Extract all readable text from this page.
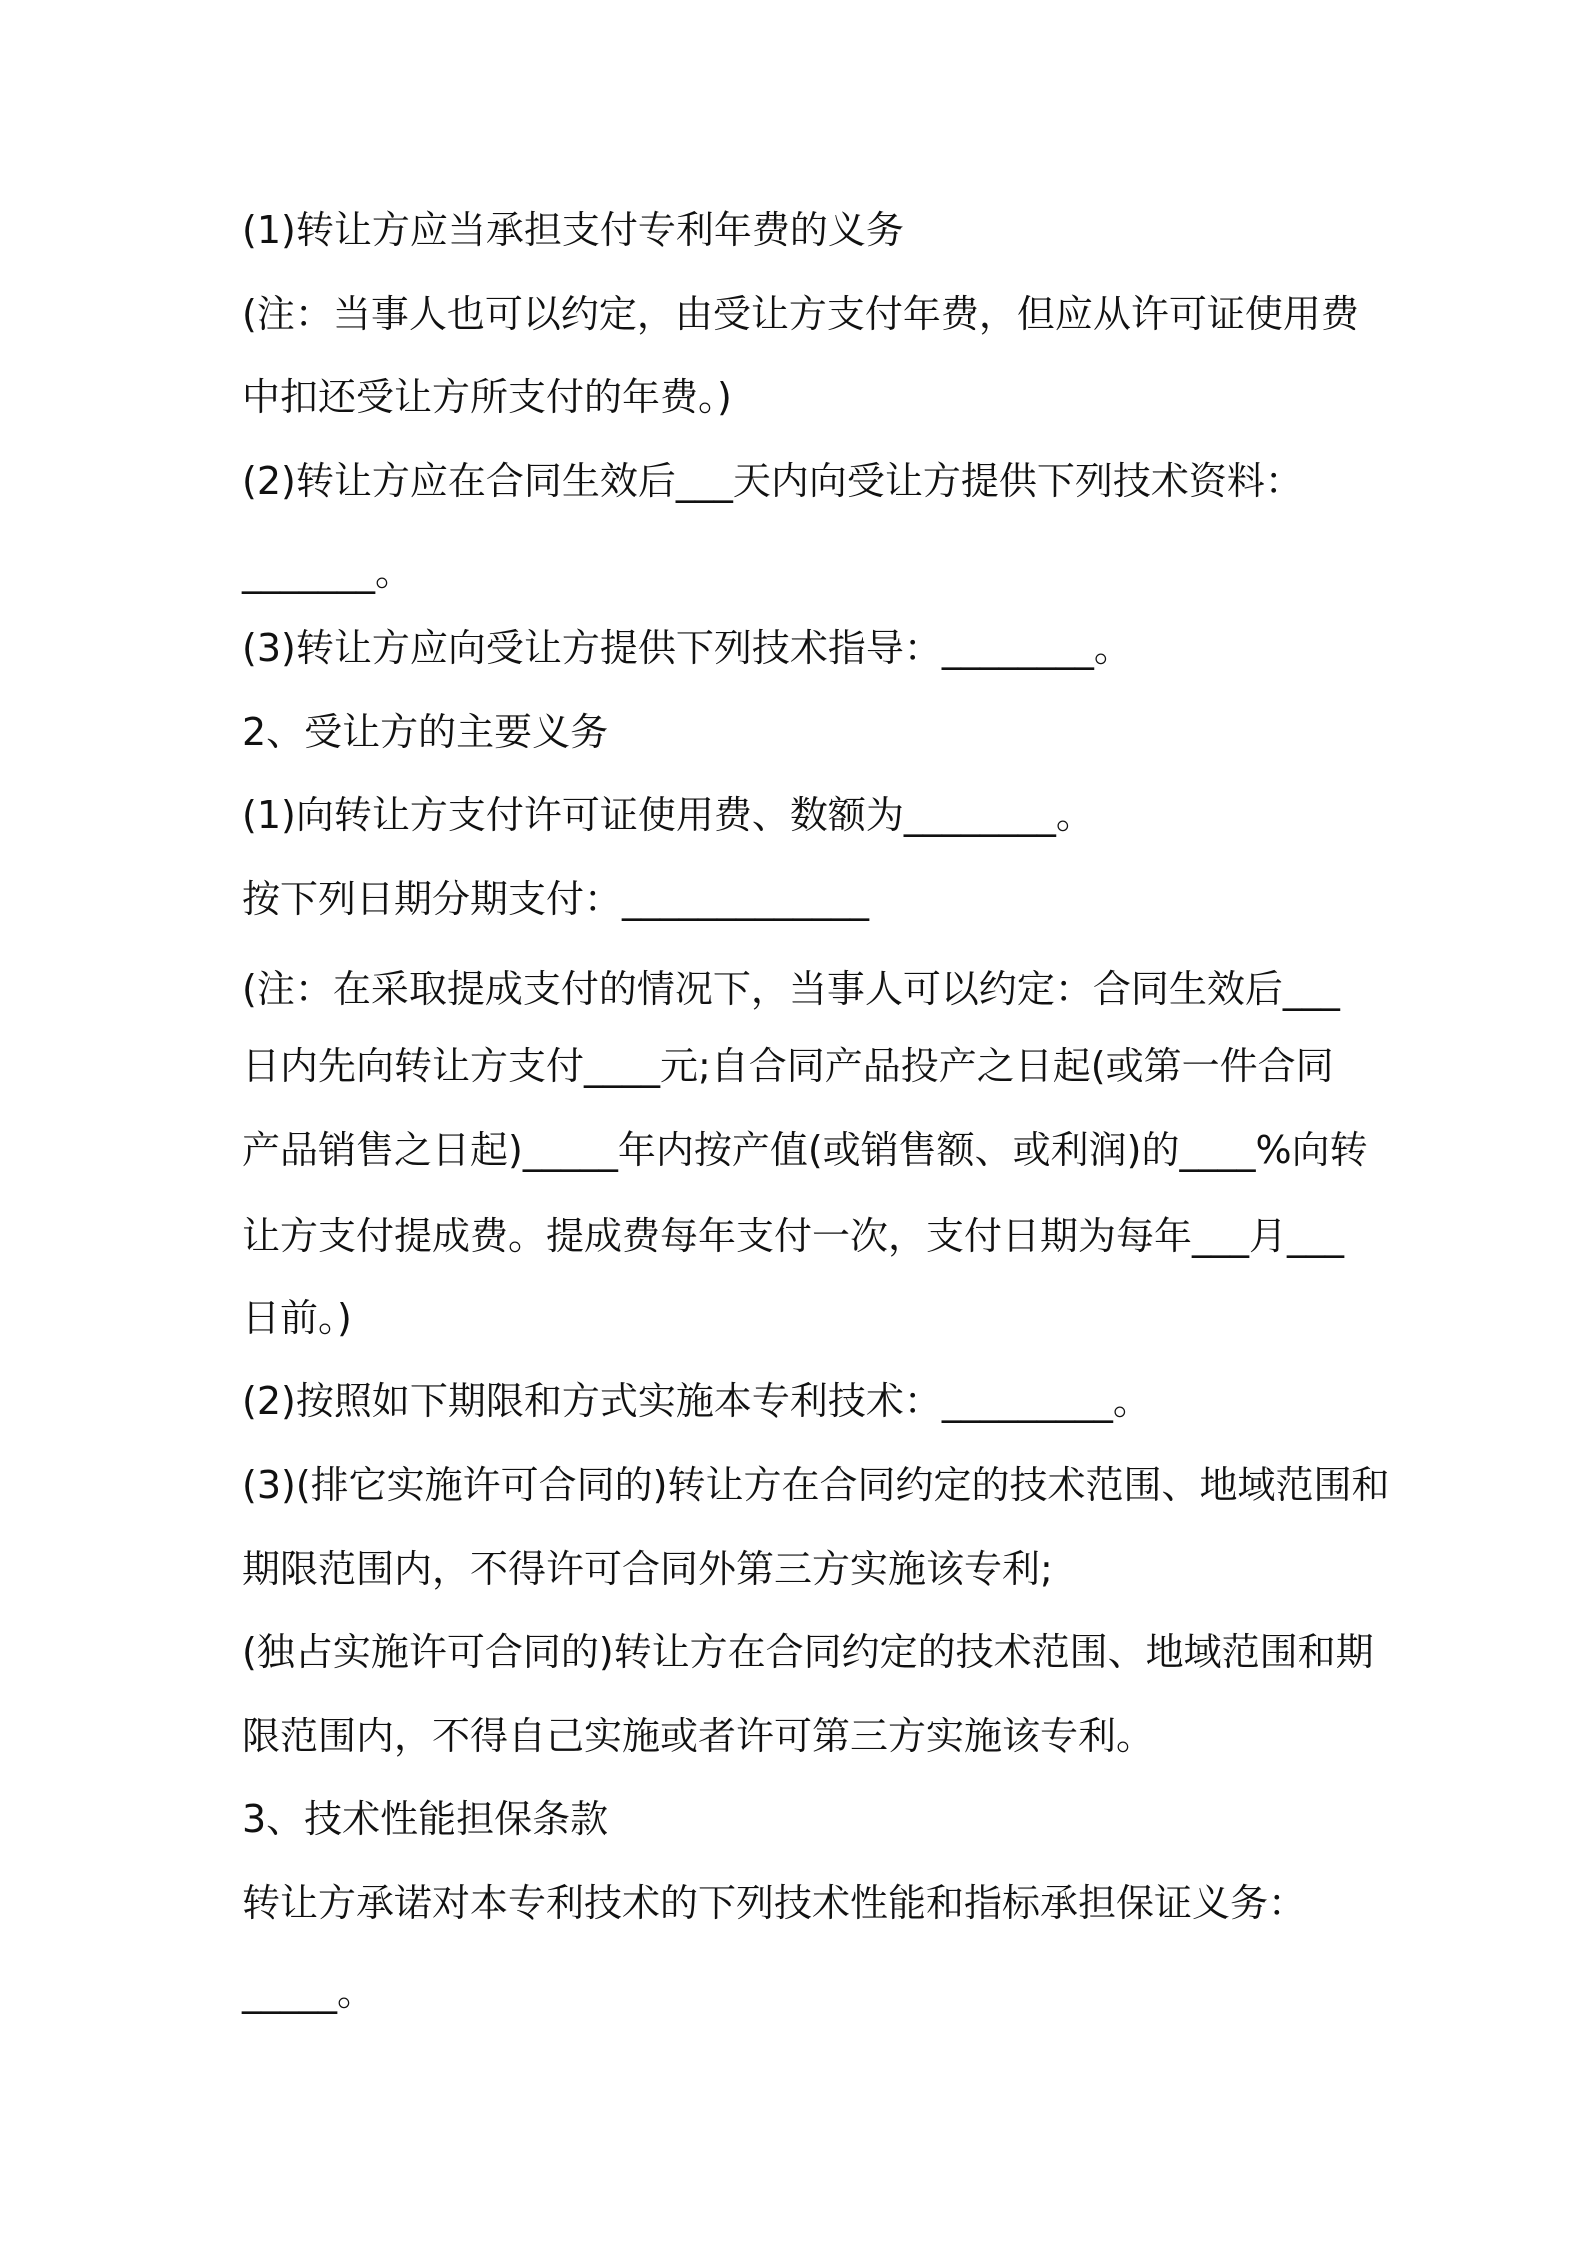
(1)转让方应当承担支付专利年费的义务
(注：当事人也可以约定，由受让方支付年费，但应从许可证使用费
中扣还受让方所支付的年费。)
(2)转让方应在合同生效后___天内向受让方提供下列技术资料：
_______。
(3)转让方应向受让方提供下列技术指导：________。
2、受让方的主要义务
(1)向转让方支付许可证使用费、数额为________。
按下列日期分期支付：_____________
(注：在采取提成支付的情况下，当事人可以约定：合同生效后___
日内先向转让方支付____元;自合同产品投产之日起(或第一件合同
产品销售之日起)_____年内按产值(或销售额、或利润)的____%向转
让方支付提成费。提成费每年支付一次，支付日期为每年___月___
日前。)
(2)按照如下期限和方式实施本专利技术：_________。
(3)(排它实施许可合同的)转让方在合同约定的技术范围、地域范围和
期限范围内，不得许可合同外第三方实施该专利;
(独占实施许可合同的)转让方在合同约定的技术范围、地域范围和期
限范围内，不得自己实施或者许可第三方实施该专利。
3、技术性能担保条款
转让方承诺对本专利技术的下列技术性能和指标承担保证义务：
_____。
